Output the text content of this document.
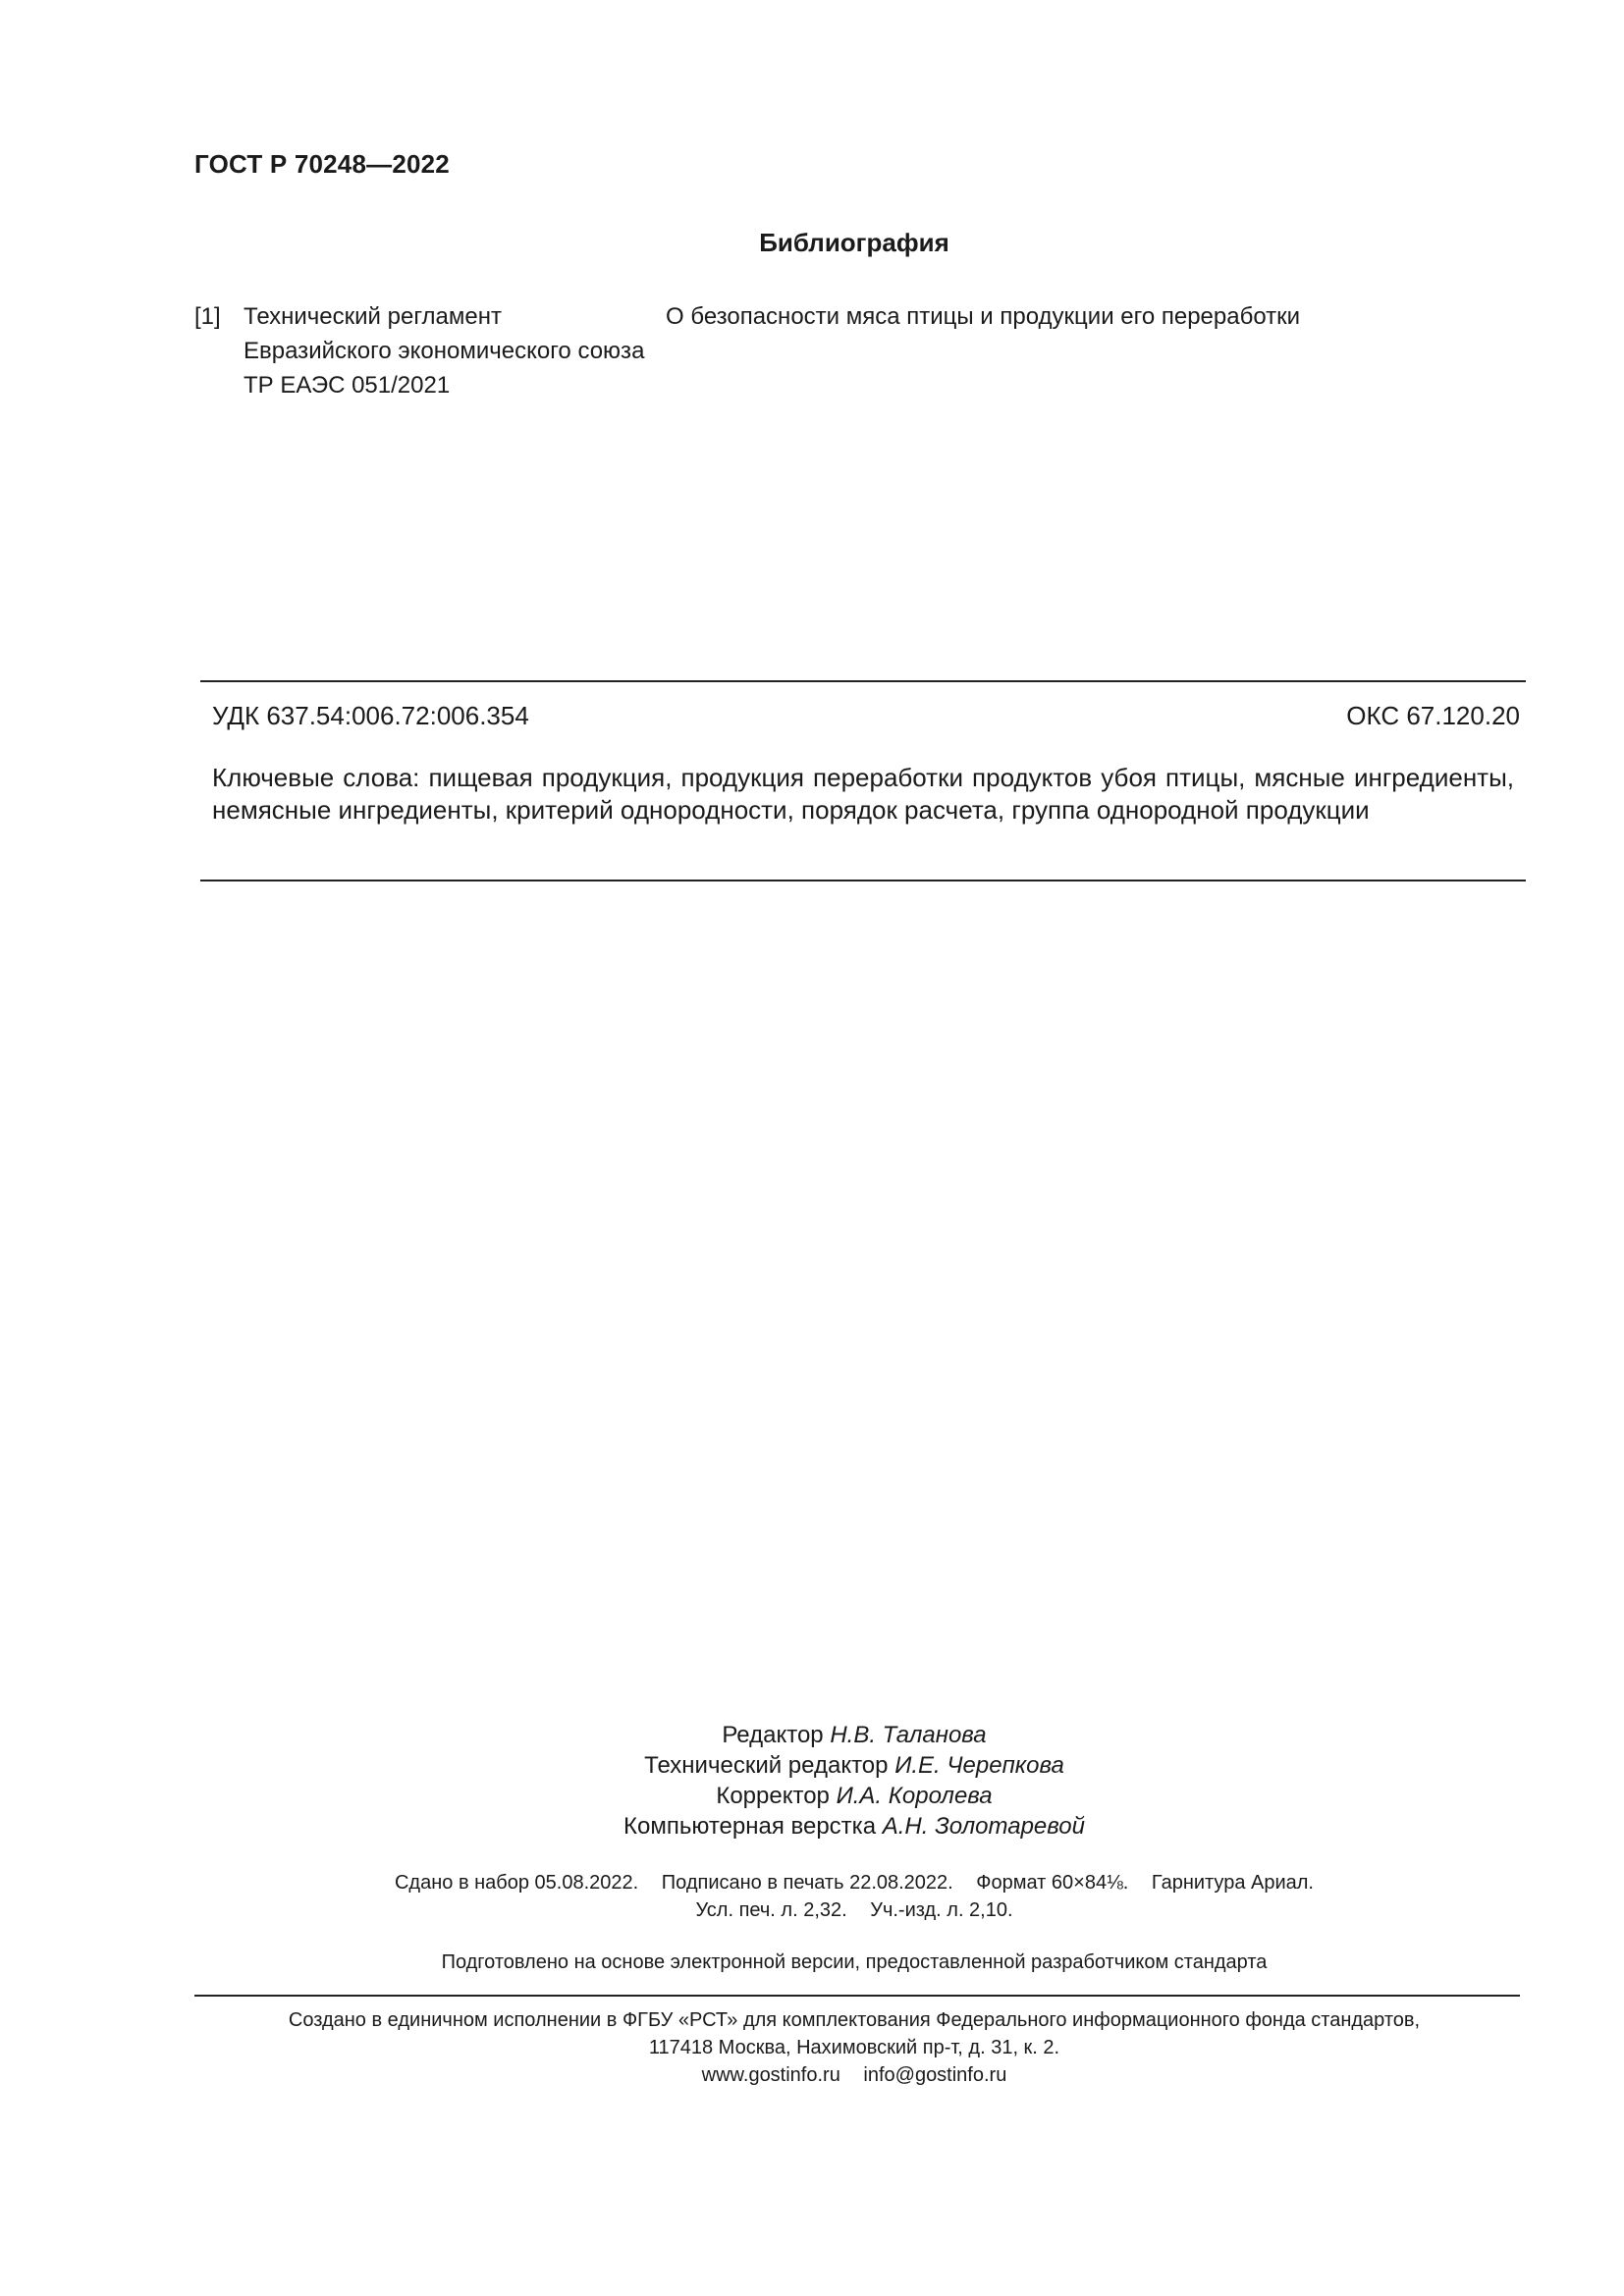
ГОСТ Р 70248—2022
Библиография
[1] Технический регламент
Евразийского экономического союза
ТР ЕАЭС 051/2021
О безопасности мяса птицы и продукции его переработки
УДК 637.54:006.72:006.354	ОКС 67.120.20
Ключевые слова: пищевая продукция, продукция переработки продуктов убоя птицы, мясные ингредиенты, немясные ингредиенты, критерий однородности, порядок расчета, группа однородной продукции
Редактор Н.В. Таланова
Технический редактор И.Е. Черепкова
Корректор И.А. Королева
Компьютерная верстка А.Н. Золотаревой
Сдано в набор 05.08.2022. Подписано в печать 22.08.2022. Формат 60×84⅛. Гарнитура Ариал.
Усл. печ. л. 2,32. Уч.-изд. л. 2,10.
Подготовлено на основе электронной версии, предоставленной разработчиком стандарта
Создано в единичном исполнении в ФГБУ «РСТ» для комплектования Федерального информационного фонда стандартов,
117418 Москва, Нахимовский пр-т, д. 31, к. 2.
www.gostinfo.ru info@gostinfo.ru
